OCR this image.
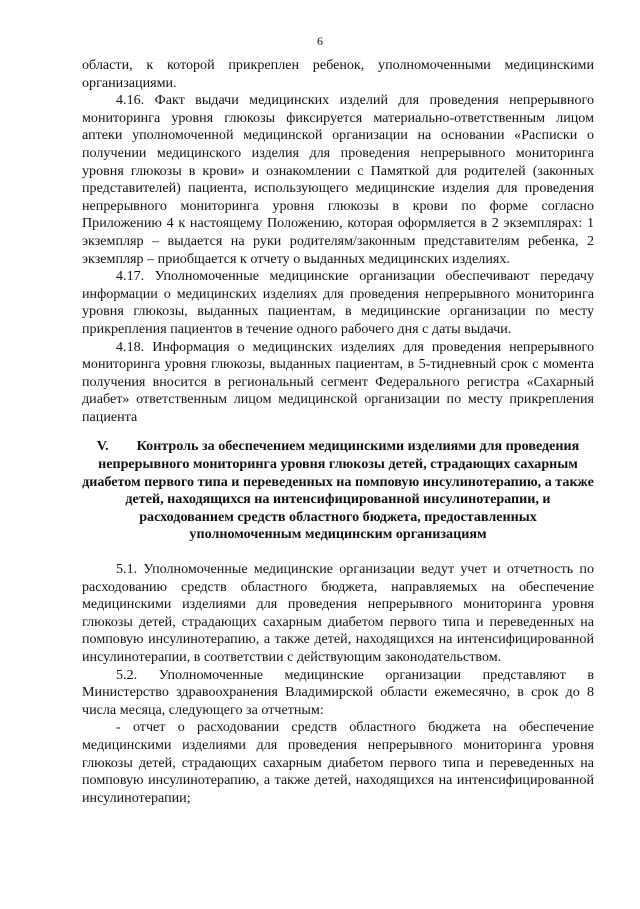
6

области, к которой прикреплен ребенок, уполномоченными медицинскими организациями.

4.16. Факт выдачи медицинских изделий для проведения непрерывного мониторинга уровня глюкозы фиксируется материально-ответственным лицом аптеки уполномоченной медицинской организации на основании «Расписки о получении медицинского изделия для проведения непрерывного мониторинга уровня глюкозы в крови» и ознакомлении с Памяткой для родителей (законных представителей) пациента, использующего медицинские изделия для проведения непрерывного мониторинга уровня глюкозы в крови по форме согласно Приложению 4 к настоящему Положению, которая оформляется в 2 экземплярах: 1 экземпляр – выдается на руки родителям/законным представителям ребенка, 2 экземпляр – приобщается к отчету о выданных медицинских изделиях.

4.17. Уполномоченные медицинские организации обеспечивают передачу информации о медицинских изделиях для проведения непрерывного мониторинга уровня глюкозы, выданных пациентам, в медицинские организации по месту прикрепления пациентов в течение одного рабочего дня с даты выдачи.

4.18. Информация о медицинских изделиях для проведения непрерывного мониторинга уровня глюкозы, выданных пациентам, в 5-тидневный срок с момента получения вносится в региональный сегмент Федерального регистра «Сахарный диабет» ответственным лицом медицинской организации по месту прикрепления пациента

V. Контроль за обеспечением медицинскими изделиями для проведения непрерывного мониторинга уровня глюкозы детей, страдающих сахарным диабетом первого типа и переведенных на помповую инсулинотерапию, а также детей, находящихся на интенсифицированной инсулинотерапии, и расходованием средств областного бюджета, предоставленных уполномоченным медицинским организациям

5.1. Уполномоченные медицинские организации ведут учет и отчетность по расходованию средств областного бюджета, направляемых на обеспечение медицинскими изделиями для проведения непрерывного мониторинга уровня глюкозы детей, страдающих сахарным диабетом первого типа и переведенных на помповую инсулинотерапию, а также детей, находящихся на интенсифицированной инсулинотерапии, в соответствии с действующим законодательством.

5.2. Уполномоченные медицинские организации представляют в Министерство здравоохранения Владимирской области ежемесячно, в срок до 8 числа месяца, следующего за отчетным:

- отчет о расходовании средств областного бюджета на обеспечение медицинскими изделиями для проведения непрерывного мониторинга уровня глюкозы детей, страдающих сахарным диабетом первого типа и переведенных на помповую инсулинотерапию, а также детей, находящихся на интенсифицированной инсулинотерапии;
